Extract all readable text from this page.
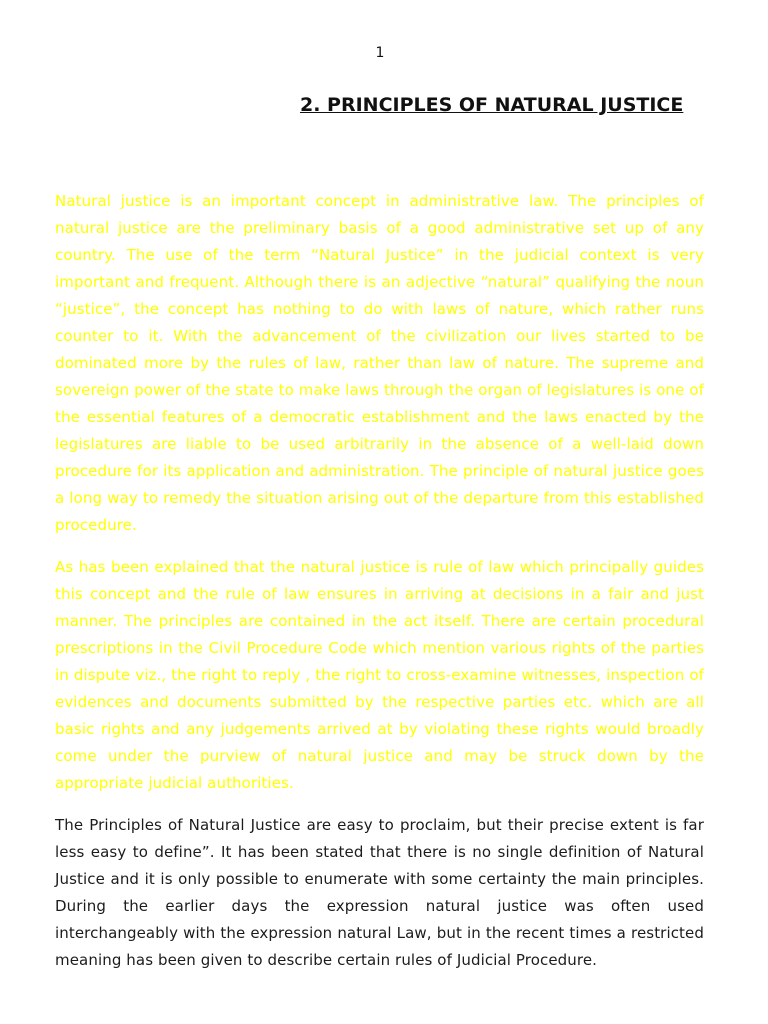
1
2. PRINCIPLES OF NATURAL JUSTICE

Natural justice is an important concept in administrative law. The principles of natural justice are the preliminary basis of a good administrative set up of any country. The use of the term “Natural Justice” in the judicial context is very important and frequent. Although there is an adjective “natural” qualifying the noun “justice”, the concept has nothing to do with laws of nature, which rather runs counter to it. With the advancement of the civilization our lives started to be dominated more by the rules of law, rather than law of nature. The supreme and sovereign power of the state to make laws through the organ of legislatures is one of the essential features of a democratic establishment and the laws enacted by the legislatures are liable to be used arbitrarily in the absence of a well-laid down procedure for its application and administration. The principle of natural justice goes a long way to remedy the situation arising out of the departure from this established procedure.

As has been explained that the natural justice is rule of law which principally guides this concept and the rule of law ensures in arriving at decisions in a fair and just manner. The principles are contained in the act itself. There are certain procedural prescriptions in the Civil Procedure Code which mention various rights of the parties in dispute viz., the right to reply , the right to cross-examine witnesses, inspection of evidences and documents submitted by the respective parties etc. which are all basic rights and any judgements arrived at by violating these rights would broadly come under the purview of natural justice and may be struck down by the appropriate judicial authorities.

The Principles of Natural Justice are easy to proclaim, but their precise extent is far less easy to define”. It has been stated that there is no single definition of Natural Justice and it is only possible to enumerate with some certainty the main principles. During the earlier days the expression natural justice was often used interchangeably with the expression natural Law, but in the recent times a restricted meaning has been given to describe certain rules of Judicial Procedure.
